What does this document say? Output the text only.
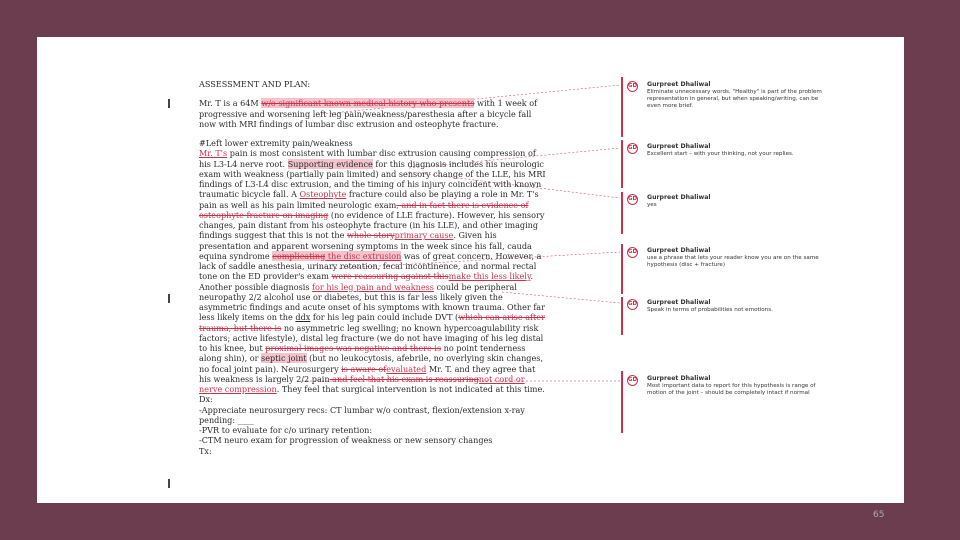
ASSESSMENT AND PLAN:

Mr. T is a 64M w/o significant known medical history who presents with 1 week of progressive and worsening left leg pain/weakness/paresthesia after a bicycle fall now with MRI findings of lumbar disc extrusion and osteophyte fracture.

#Left lower extremity pain/weakness

Mr. T's pain is most consistent with lumbar disc extrusion causing compression of his L3-L4 nerve root. Supporting evidence for this diagnosis includes his neurologic exam with weakness (partially pain limited) and sensory change of the LLE, his MRI findings of L3-L4 disc extrusion, and the timing of his injury coincident with known traumatic bicycle fall. A Osteophyte fracture could also be playing a role in Mr. T's pain as well as his pain limited neurologic exam, and in fact there is evidence of osteophyte fracture on imaging (no evidence of LLE fracture). However, his sensory changes, pain distant from his osteophyte fracture (in his LLE), and other imaging findings suggest that this is not the whole storyprimary cause. Given his presentation and apparent worsening symptoms in the week since his fall, cauda equina syndrome complicating the disc extrusion was of great concern. However, a lack of saddle anesthesia, urinary retention, fecal incontinence, and normal rectal tone on the ED provider's exam were reassuring against thismake this less likely. Another possible diagnosis for his leg pain and weakness could be peripheral neuropathy 2/2 alcohol use or diabetes, but this is far less likely given the asymmetric findings and acute onset of his symptoms with known trauma. Other far less likely items on the ddx for his leg pain could include DVT (which can arise after trauma, but there is no asymmetric leg swelling; no known hypercoagulability risk factors; active lifestyle), distal leg fracture (we do not have imaging of his leg distal to his knee, but proximal images was negative and there is no point tenderness along shin), or septic joint (but no leukocytosis, afebrile, no overlying skin changes, no focal joint pain). Neurosurgery is aware ofevaluated Mr. T. and they agree that his weakness is largely 2/2 pain and feel that his exam is reassuringnot cord or nerve compression. They feel that surgical intervention is not indicated at this time.

Dx:

-Appreciate neurosurgery recs: CT lumbar w/o contrast, flexion/extension x-ray pending: ____

-PVR to evaluate for c/o urinary retention:

-CTM neuro exam for progression of weakness or new sensory changes

Tx:

GD Gurpreet Dhaliwal
Eliminate unnecessary words. "Healthy" is part of the problem representation in general, but when speaking/writing, can be even more brief.
GD Gurpreet Dhaliwal
Excellent start – with your thinking, not your replies.
GD Gurpreet Dhaliwal
yes
GD Gurpreet Dhaliwal
use a phrase that lets your reader know you are on the same hypothesis (disc + fracture)
GD Gurpreet Dhaliwal
Speak in terms of probabilities not emotions.
GD Gurpreet Dhaliwal
Most important data to report for this hypothesis is range of motion of the joint – should be completely intact if normal
65
